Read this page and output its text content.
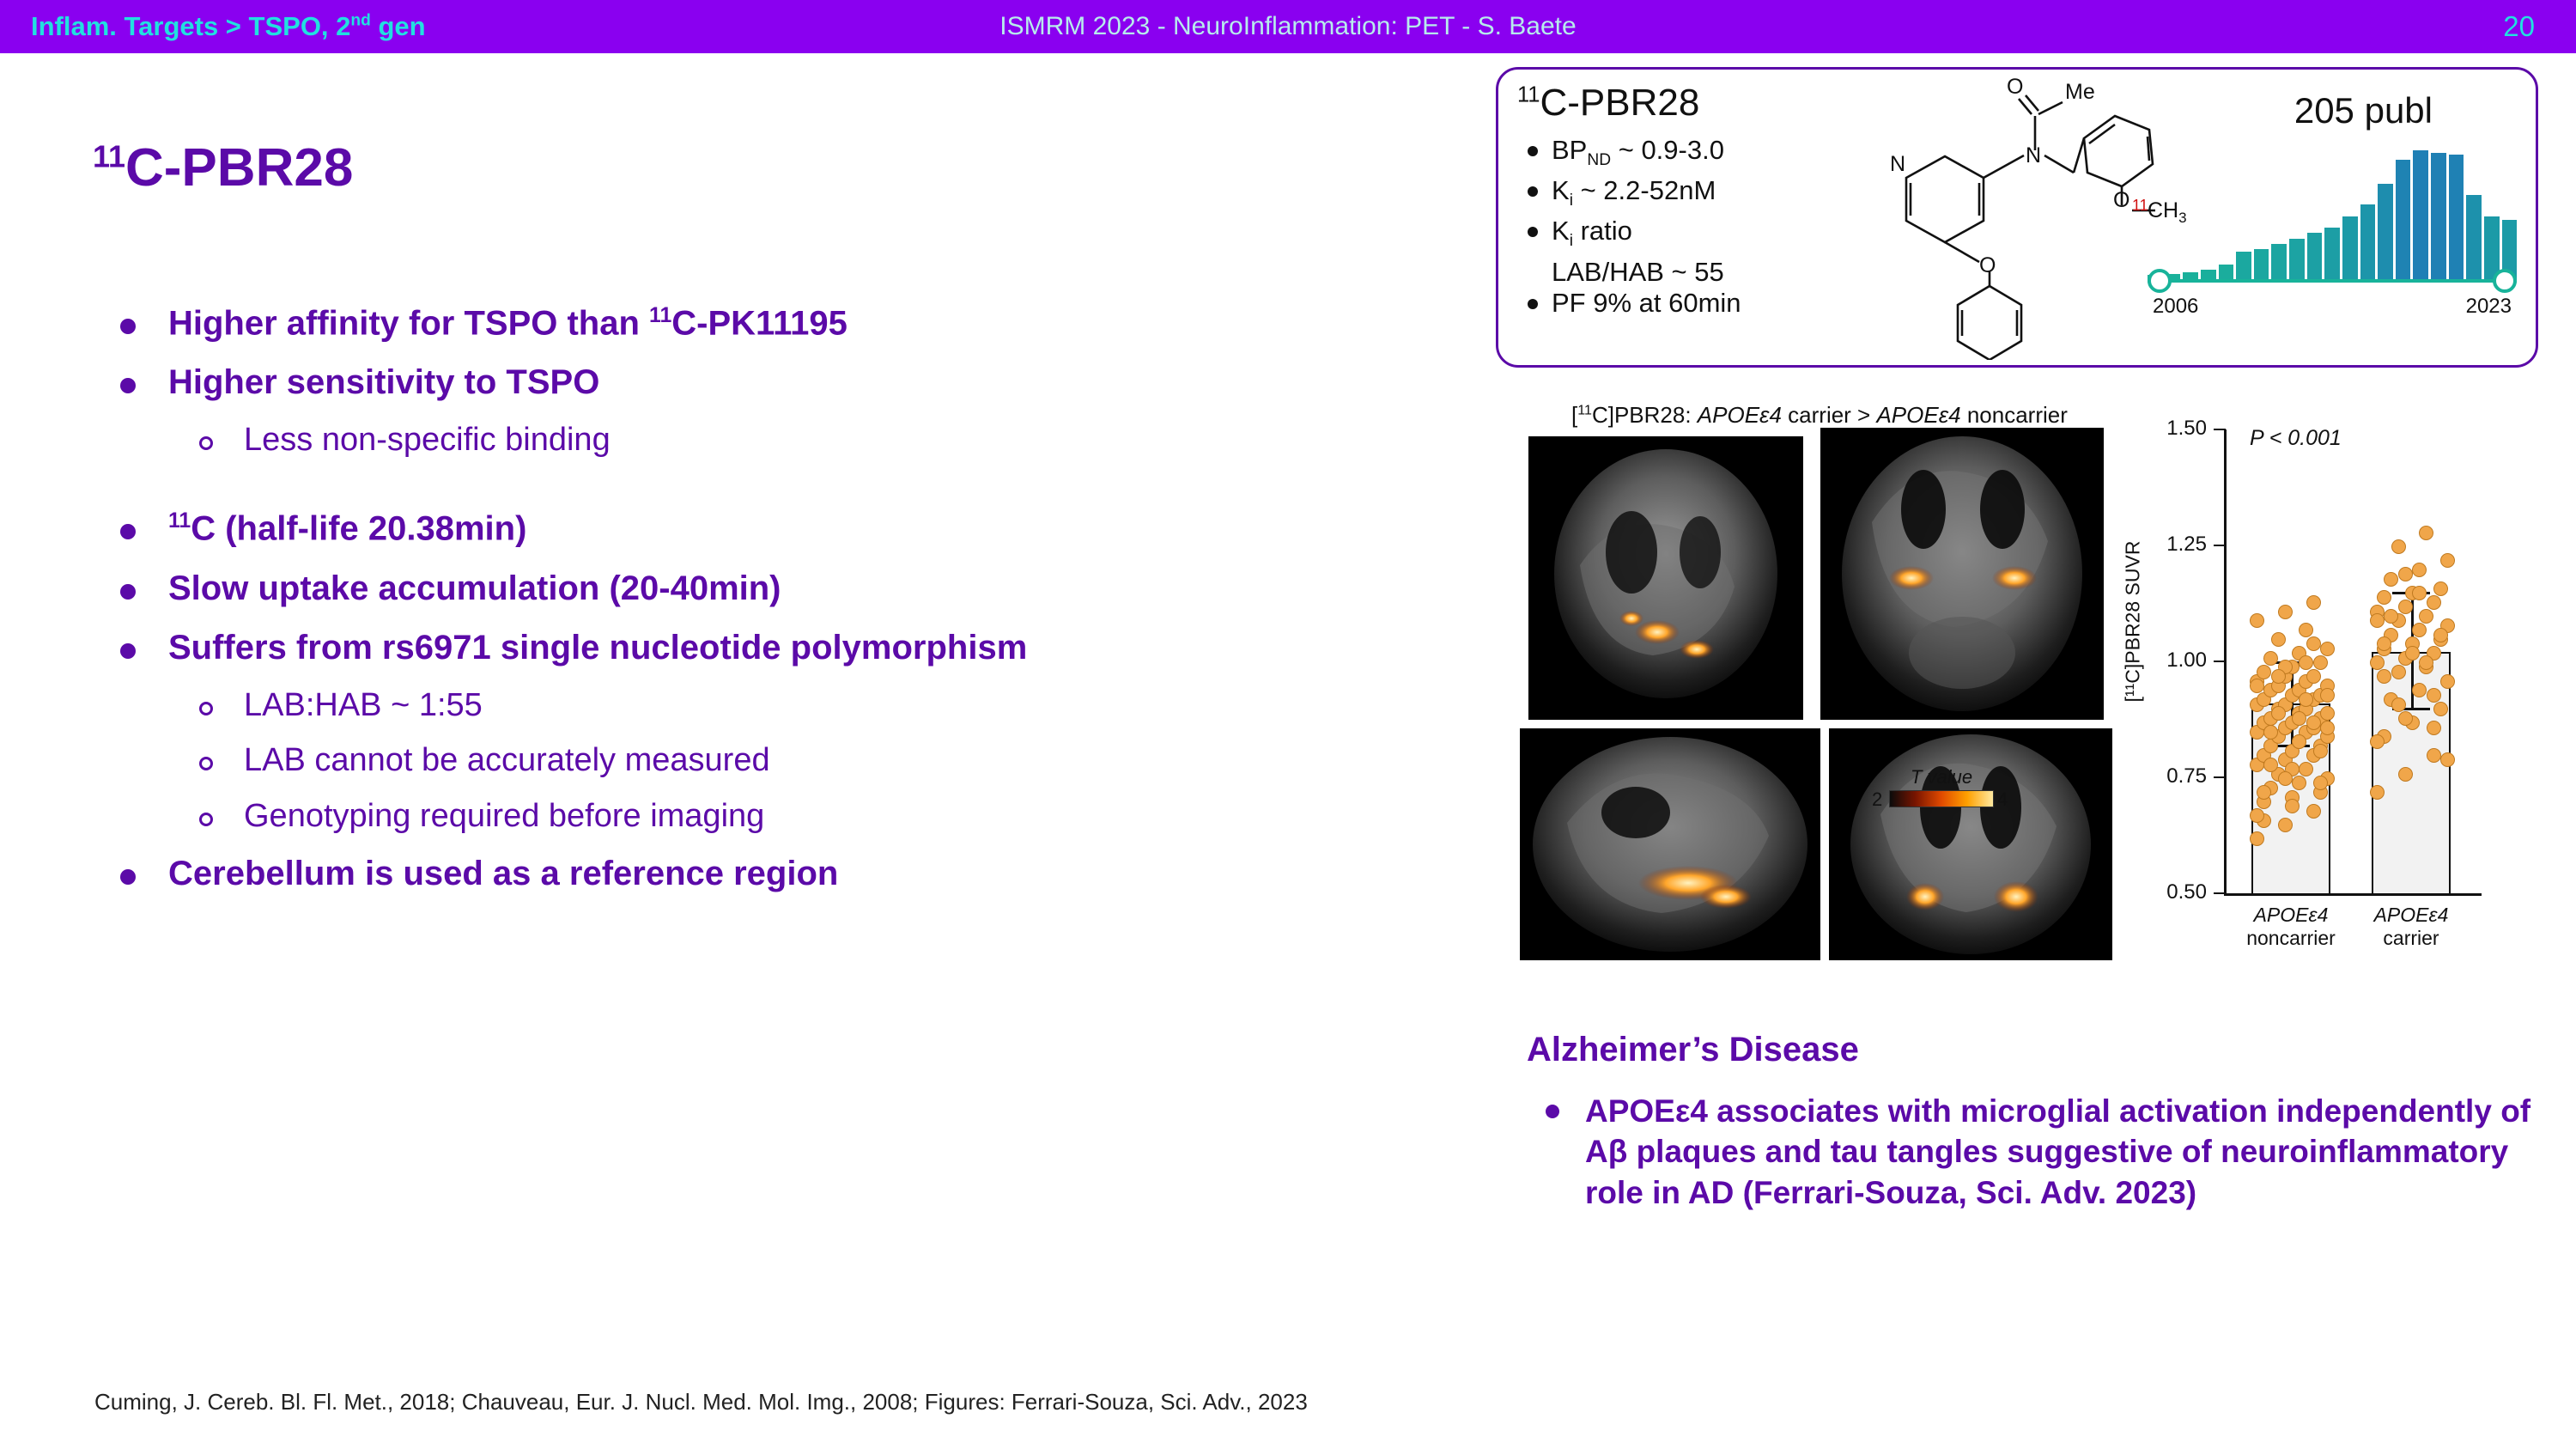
Inflam. Targets > TSPO, 2nd gen	ISMRM 2023 - NeuroInflammation: PET - S. Baete	20
$^{11}$C-PBR28
Higher affinity for TSPO than $^{11}$C-PK11195
Higher sensitivity to TSPO
Less non-specific binding
$^{11}$C (half-life 20.38min)
Slow uptake accumulation (20-40min)
Suffers from rs6971 single nucleotide polymorphism
LAB:HAB ~ 1:55
LAB cannot be accurately measured
Genotyping required before imaging
Cerebellum is used as a reference region
Cuming, J. Cereb. Bl. Fl. Met., 2018; Chauveau, Eur. J. Nucl. Med. Mol. Img., 2008; Figures: Ferrari-Souza, Sci. Adv., 2023
$^{11}$C-PBR28
$BP_{ND}$ ~ 0.9-3.0
$K_i$ ~ 2.2-52nM
$K_i$ ratio
LAB/HAB ~ 55
PF 9% at 60min
O Me
N
N
O
O
11 $CH_3$
205 publ
2006	2023
[$^{11}$C]PBR28: APOEε4 carrier > APOEε4 noncarrier
T value
2	4
P < 0.001
[¹¹C]PBR28 SUVR
0.50
0.75
1.00
1.25
1.50
APOEε4
noncarrier
APOEε4
carrier
Alzheimer’s Disease
APOEε4 associates with microglial activation independently of Aβ plaques and tau tangles suggestive of neuroinflammatory role in AD (Ferrari-Souza, Sci. Adv. 2023)
